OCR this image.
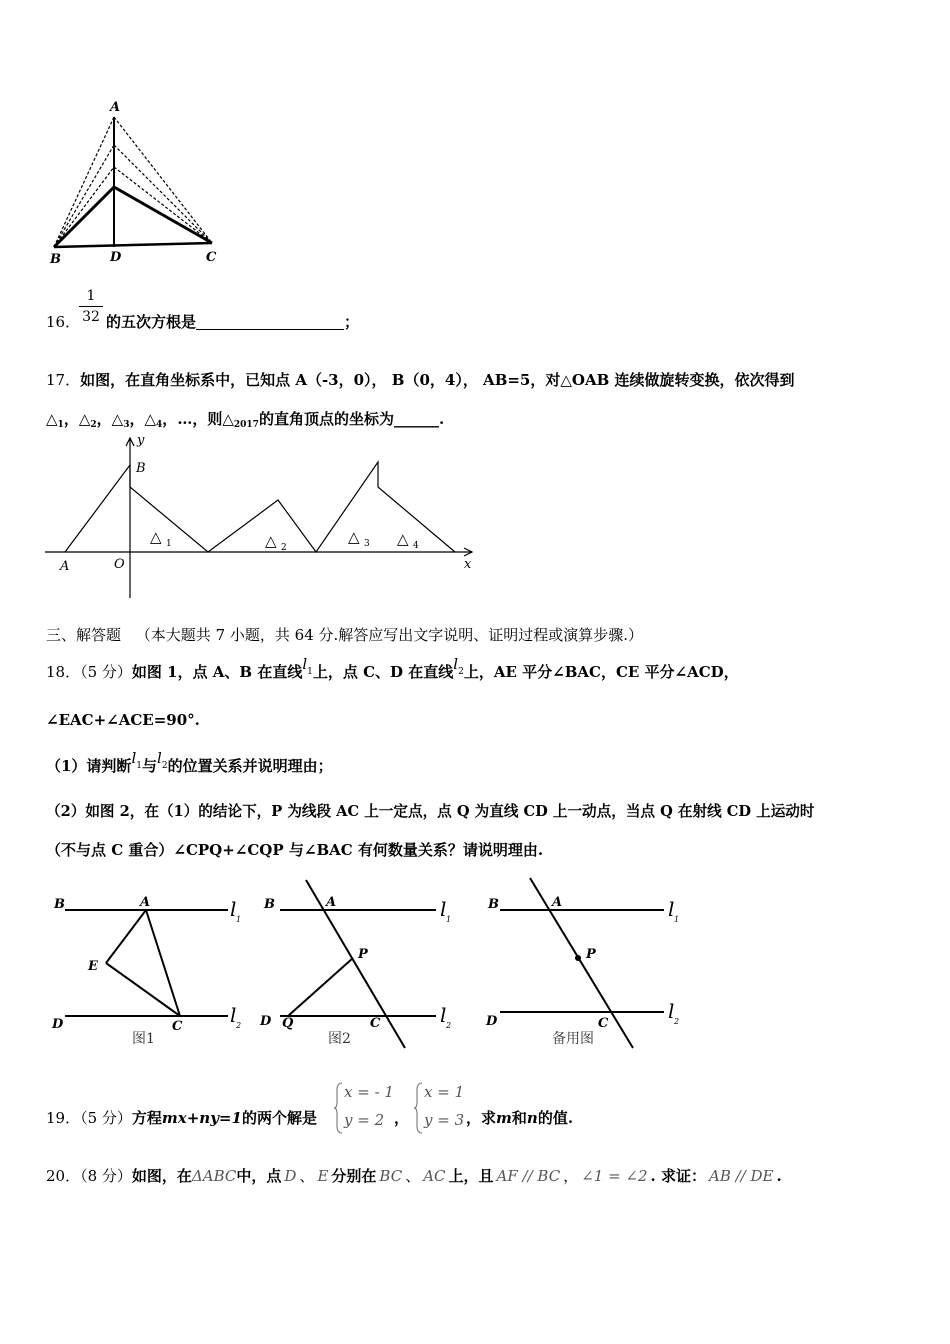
A
B	D	C
1
32
16． 的五次方根是	；
17．如图，在直角坐标系中，已知点 A（-3，0）， B（0，4）， AB=5，对△OAB 连续做旋转变换，依次得到
$\triangle_1$，$\triangle_2$，$\triangle_3$，$\triangle_4$，…，则$\triangle_{2017}$的直角顶点的坐标为______.
y
B
A	O	x
△ 1	△ 2
△ 3 △ 4
三、解答题 （本大题共 7 小题，共 64 分.解答应写出文字说明、证明过程或演算步骤.）
18．（5 分）如图 1，点 A、B 在直线$l^1$上，点 C、D 在直线$l^2$上，AE 平分∠BAC，CE 平分∠ACD，
∠EAC+∠ACE=90°.
（1）请判断$l^1$与$l^2$的位置关系并说明理由；
（2）如图 2，在（1）的结论下，P 为线段 AC 上一定点，点 Q 为直线 CD 上一动点，当点 Q 在射线 CD 上运动时
（不与点 C 重合）∠CPQ+∠CQP 与∠BAC 有何数量关系？请说明理由.
B	A
E
D	C
B	A
P
D Q	C
B	A
P
D	C
l 1
l 2
l 1
l 2
l 1
l 2
图1	图2	备用图
19．（5 分）方程mx+ny=1的两个解是
x = - 1
y = 2 ，
x = 1
y = 3 ，求m和n的值.
20．（8 分）如图，在ΔABC中，点 D 、 E 分别在 BC 、 AC 上，且 AF // BC ， ∠1 = ∠2 . 求证： AB // DE .
